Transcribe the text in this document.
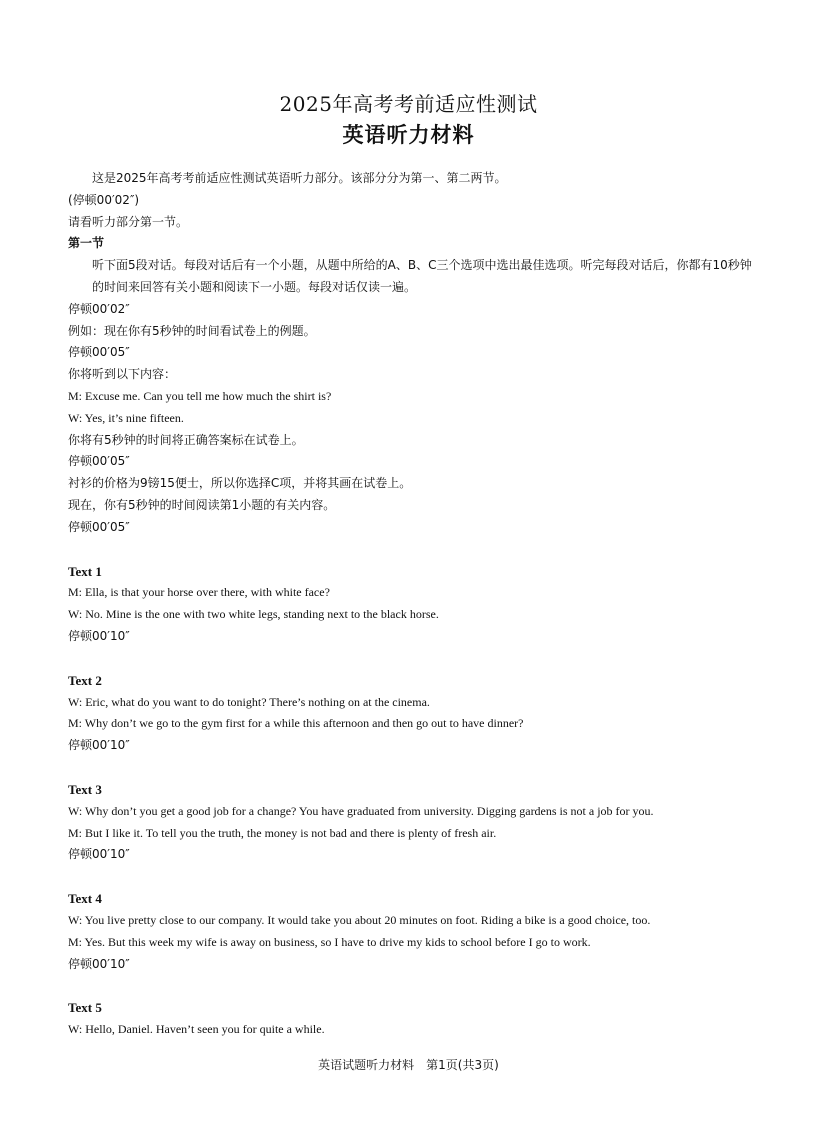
2025年高考考前适应性测试
英语听力材料
这是2025年高考考前适应性测试英语听力部分。该部分分为第一、第二两节。
(停顿00′02″)
请看听力部分第一节。
第一节
听下面5段对话。每段对话后有一个小题，从题中所给的A、B、C三个选项中选出最佳选项。听完每段对话后，你都有10秒钟的时间来回答有关小题和阅读下一小题。每段对话仅读一遍。
停顿00′02″
例如：现在你有5秒钟的时间看试卷上的例题。
停顿00′05″
你将听到以下内容：
M: Excuse me. Can you tell me how much the shirt is?
W: Yes, it’s nine fifteen.
你将有5秒钟的时间将正确答案标在试卷上。
停顿00′05″
衬衫的价格为9镑15便士，所以你选择C项，并将其画在试卷上。
现在，你有5秒钟的时间阅读第1小题的有关内容。
停顿00′05″
Text 1
M: Ella, is that your horse over there, with white face?
W: No. Mine is the one with two white legs, standing next to the black horse.
停顿00′10″
Text 2
W: Eric, what do you want to do tonight? There’s nothing on at the cinema.
M: Why don’t we go to the gym first for a while this afternoon and then go out to have dinner?
停顿00′10″
Text 3
W: Why don’t you get a good job for a change? You have graduated from university. Digging gardens is not a job for you.
M: But I like it. To tell you the truth, the money is not bad and there is plenty of fresh air.
停顿00′10″
Text 4
W: You live pretty close to our company. It would take you about 20 minutes on foot. Riding a bike is a good choice, too.
M: Yes. But this week my wife is away on business, so I have to drive my kids to school before I go to work.
停顿00′10″
Text 5
W: Hello, Daniel. Haven’t seen you for quite a while.
英语试题听力材料　第1页(共3页)
